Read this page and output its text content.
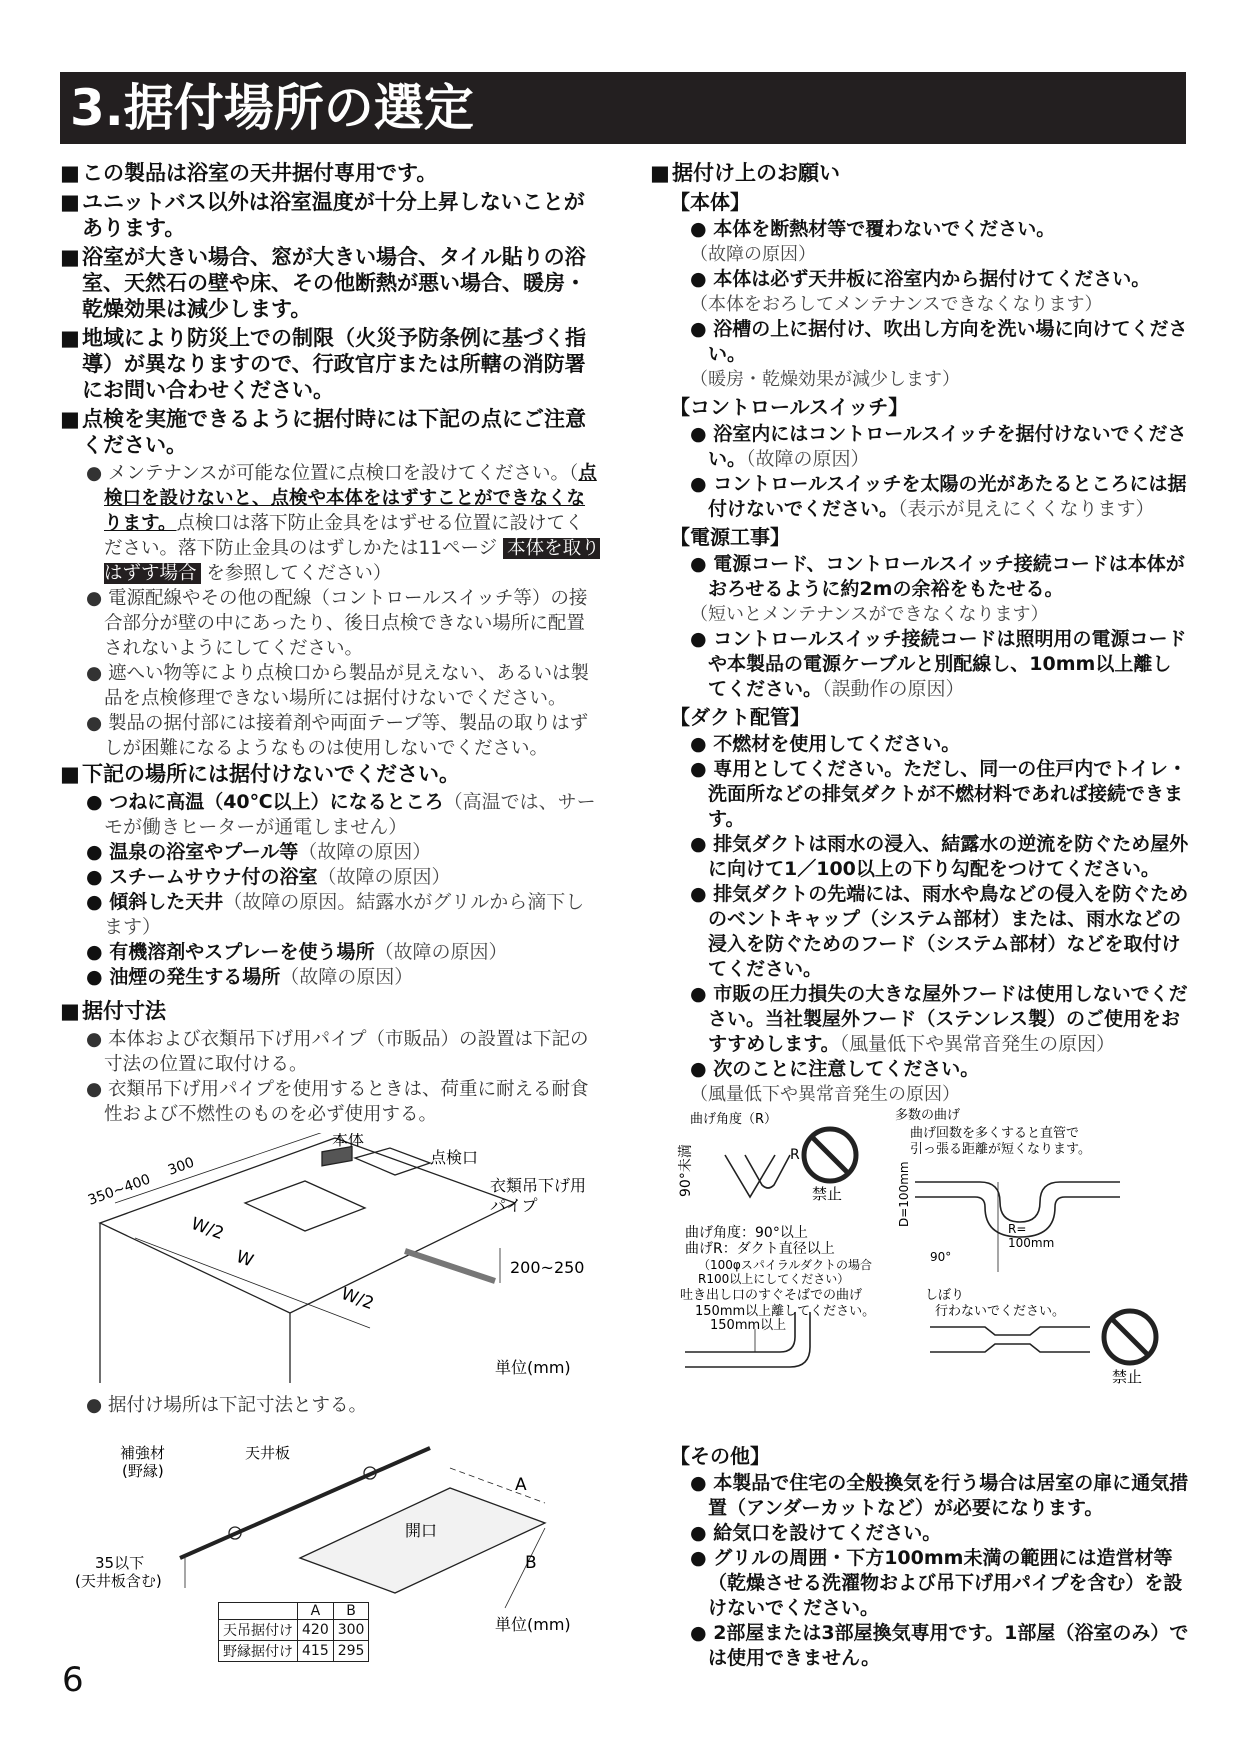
3.据付場所の選定
■ この製品は浴室の天井据付専用です。
■ ユニットバス以外は浴室温度が十分上昇しないことがあります。
■ 浴室が大きい場合、窓が大きい場合、タイル貼りの浴室、天然石の壁や床、その他断熱が悪い場合、暖房・乾燥効果は減少します。
■ 地域により防災上での制限（火災予防条例に基づく指導）が異なりますので、行政官庁または所轄の消防署にお問い合わせください。
■ 点検を実施できるように据付時には下記の点にご注意ください。
● メンテナンスが可能な位置に点検口を設けてください。（点検口を設けないと、点検や本体をはずすことができなくなります。点検口は落下防止金具をはずせる位置に設けてください。落下防止金具のはずしかたは11ページ 本体を取りはずす場合 を参照してください）
● 電源配線やその他の配線（コントロールスイッチ等）の接合部分が壁の中にあったり、後日点検できない場所に配置されないようにしてください。
● 遮へい物等により点検口から製品が見えない、あるいは製品を点検修理できない場所には据付けないでください。
● 製品の据付部には接着剤や両面テープ等、製品の取りはずしが困難になるようなものは使用しないでください。
■ 下記の場所には据付けないでください。
● つねに高温（40℃以上）になるところ（高温では、サーモが働きヒーターが通電しません）
● 温泉の浴室やプール等（故障の原因）
● スチームサウナ付の浴室（故障の原因）
● 傾斜した天井（故障の原因。結露水がグリルから滴下します）
● 有機溶剤やスプレーを使う場所（故障の原因）
● 油煙の発生する場所（故障の原因）
■ 据付寸法
● 本体および衣類吊下げ用パイプ（市販品）の設置は下記の寸法の位置に取付ける。
● 衣類吊下げ用パイプを使用するときは、荷重に耐える耐食性および不燃性のものを必ず使用する。
本体
点検口
衣類吊下げ用
パイプ
350~400
300
W/2
W
W/2
200~250
単位(mm)
● 据付け場所は下記寸法とする。
補強材
(野縁)
天井板
開口
A
B
35以下
(天井板含む)
単位(mm)
	A	B
天吊据付け	420	300
野縁据付け	415	295
■ 据付け上のお願い
【本体】
● 本体を断熱材等で覆わないでください。
（故障の原因）
● 本体は必ず天井板に浴室内から据付けてください。
（本体をおろしてメンテナンスできなくなります）
● 浴槽の上に据付け、吹出し方向を洗い場に向けてください。
（暖房・乾燥効果が減少します）
【コントロールスイッチ】
● 浴室内にはコントロールスイッチを据付けないでください。（故障の原因）
● コントロールスイッチを太陽の光があたるところには据付けないでください。（表示が見えにくくなります）
【電源工事】
● 電源コード、コントロールスイッチ接続コードは本体がおろせるように約2mの余裕をもたせる。
（短いとメンテナンスができなくなります）
● コントロールスイッチ接続コードは照明用の電源コードや本製品の電源ケーブルと別配線し、10mm以上離してください。（誤動作の原因）
【ダクト配管】
● 不燃材を使用してください。
● 専用としてください。ただし、同一の住戸内でトイレ・洗面所などの排気ダクトが不燃材料であれば接続できます。
● 排気ダクトは雨水の浸入、結露水の逆流を防ぐため屋外に向けて1／100以上の下り勾配をつけてください。
● 排気ダクトの先端には、雨水や鳥などの侵入を防ぐためのベントキャップ（システム部材）または、雨水などの浸入を防ぐためのフード（システム部材）などを取付けてください。
● 市販の圧力損失の大きな屋外フードは使用しないでください。当社製屋外フード（ステンレス製）のご使用をおすすめします。（風量低下や異常音発生の原因）
● 次のことに注意してください。
（風量低下や異常音発生の原因）
曲げ角度（R）
90°未満	R
禁止
曲げ角度：90°以上
曲げR：ダクト直径以上
（100φスパイラルダクトの場合
R100以上にしてください）
多数の曲げ
曲げ回数を多くすると直管で
引っ張る距離が短くなります。
D=100mm
R=
100mm
90°
吐き出し口のすぐそばでの曲げ
150mm以上離してください。
150mm以上
しぼり
行わないでください。
禁止
【その他】
● 本製品で住宅の全般換気を行う場合は居室の扉に通気措置（アンダーカットなど）が必要になります。
● 給気口を設けてください。
● グリルの周囲・下方100mm未満の範囲には造営材等（乾燥させる洗濯物および吊下げ用パイプを含む）を設けないでください。
● 2部屋または3部屋換気専用です。1部屋（浴室のみ）では使用できません。
6
